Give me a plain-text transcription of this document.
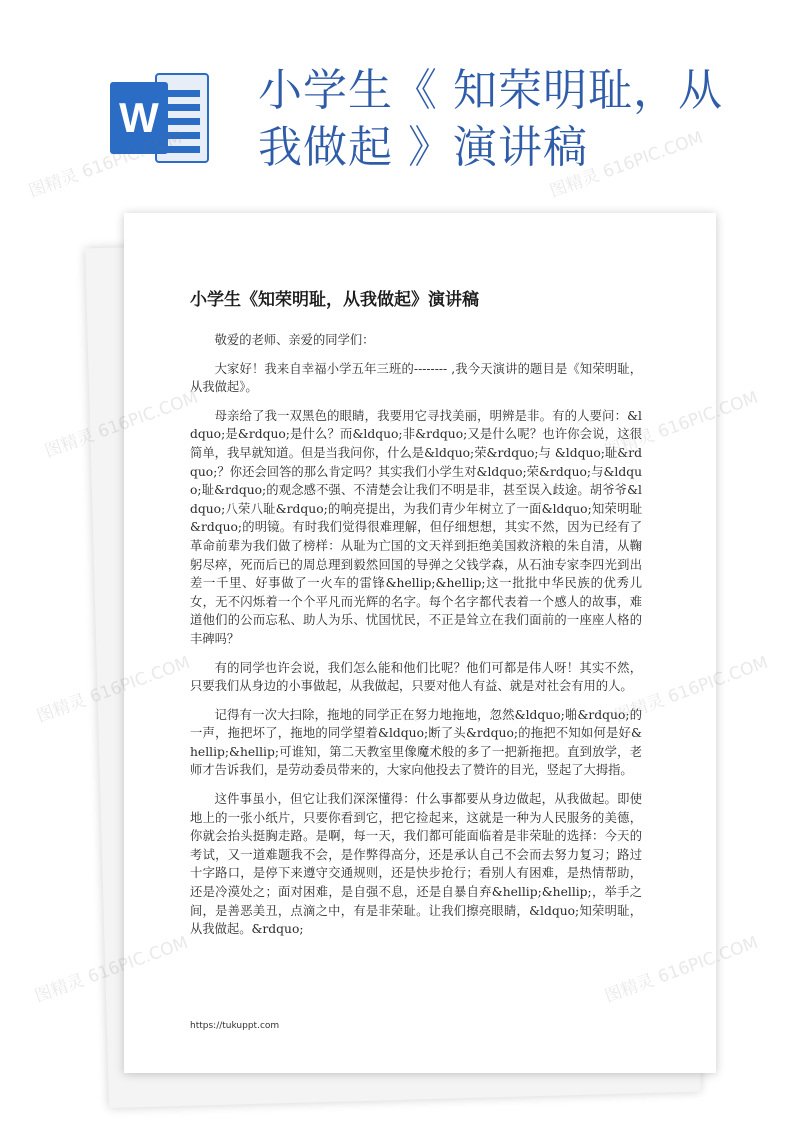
W
小学生《 知荣明耻，从
我做起 》演讲稿
小学生《知荣明耻，从我做起》演讲稿

敬爱的老师、亲爱的同学们：

大家好！我来自幸福小学五年三班的-------- ,我今天演讲的题目是《知荣明耻，从我做起》。

母亲给了我一双黑色的眼睛，我要用它寻找美丽，明辨是非。有的人要问：&ldquo;是&rdquo;是什么？而&ldquo;非&rdquo;又是什么呢？也许你会说，这很简单，我早就知道。但是当我问你，什么是&ldquo;荣&rdquo;与 &ldquo;耻&rdquo;？你还会回答的那么肯定吗？其实我们小学生对&ldquo;荣&rdquo;与&ldquo;耻&rdquo;的观念感不强、不清楚会让我们不明是非，甚至误入歧途。胡爷爷&ldquo;八荣八耻&rdquo;的响亮提出，为我们青少年树立了一面&ldquo;知荣明耻&rdquo;的明镜。有时我们觉得很难理解，但仔细想想，其实不然，因为已经有了革命前辈为我们做了榜样：从耻为亡国的文天祥到拒绝美国救济粮的朱自清，从鞠躬尽瘁，死而后已的周总理到毅然回国的导弹之父钱学森，从石油专家李四光到出差一千里、好事做了一火车的雷锋&hellip;&hellip;这一批批中华民族的优秀儿女，无不闪烁着一个个平凡而光辉的名字。每个名字都代表着一个感人的故事，难道他们的公而忘私、助人为乐、忧国忧民，不正是耸立在我们面前的一座座人格的丰碑吗？

有的同学也许会说，我们怎么能和他们比呢？他们可都是伟人呀！其实不然，只要我们从身边的小事做起，从我做起，只要对他人有益、就是对社会有用的人。

记得有一次大扫除，拖地的同学正在努力地拖地，忽然&ldquo;啪&rdquo;的一声，拖把坏了，拖地的同学望着&ldquo;断了头&rdquo;的拖把不知如何是好&hellip;&hellip;可谁知，第二天教室里像魔术般的多了一把新拖把。直到放学，老师才告诉我们，是劳动委员带来的，大家向他投去了赞许的目光，竖起了大拇指。

这件事虽小，但它让我们深深懂得：什么事都要从身边做起，从我做起。即使地上的一张小纸片，只要你看到它，把它捡起来，这就是一种为人民服务的美德，你就会抬头挺胸走路。是啊，每一天，我们都可能面临着是非荣耻的选择：今天的考试，又一道难题我不会，是作弊得高分，还是承认自己不会而去努力复习；路过十字路口，是停下来遵守交通规则，还是快步抢行；看别人有困难，是热情帮助，还是冷漠处之；面对困难，是自强不息，还是自暴自弃&hellip;&hellip;，举手之间，是善恶美丑，点滴之中，有是非荣耻。让我们擦亮眼睛，&ldquo;知荣明耻，从我做起。&rdquo;

https://tukuppt.com
图精灵 616PIC.COM	图精灵 616PIC.COM
图精灵
图精灵
616PIC.COM
图精灵
